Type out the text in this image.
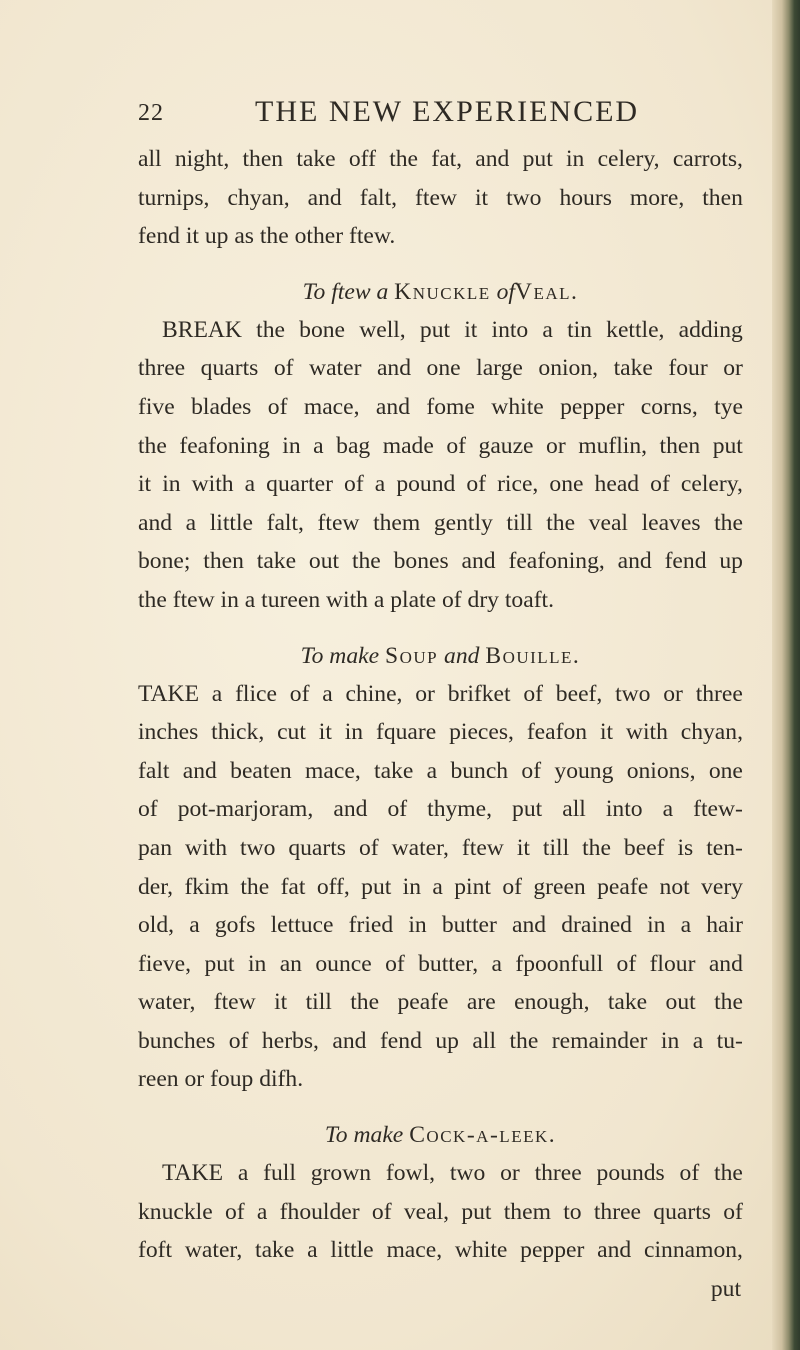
22	THE NEW EXPERIENCED
all night, then take off the fat, and put in celery, carrots,
turnips, chyan, and falt, ftew it two hours more, then
fend it up as the other ftew.
To ftew a Knuckle ofVeal.
BREAK the bone well, put it into a tin kettle, adding
three quarts of water and one large onion, take four or
five blades of mace, and fome white pepper corns, tye
the feafoning in a bag made of gauze or muflin, then put
it in with a quarter of a pound of rice, one head of celery,
and a little falt, ftew them gently till the veal leaves the
bone; then take out the bones and feafoning, and fend up
the ftew in a tureen with a plate of dry toaft.
To make Soup and Bouille.
TAKE a flice of a chine, or brifket of beef, two or three
inches thick, cut it in fquare pieces, feafon it with chyan,
falt and beaten mace, take a bunch of young onions, one
of pot-marjoram, and of thyme, put all into a ftew-
pan with two quarts of water, ftew it till the beef is ten-
der, fkim the fat off, put in a pint of green peafe not very
old, a gofs lettuce fried in butter and drained in a hair
fieve, put in an ounce of butter, a fpoonfull of flour and
water, ftew it till the peafe are enough, take out the
bunches of herbs, and fend up all the remainder in a tu-
reen or foup difh.
To make Cock-a-leek.
TAKE a full grown fowl, two or three pounds of the
knuckle of a fhoulder of veal, put them to three quarts of
foft water, take a little mace, white pepper and cinnamon,
put
